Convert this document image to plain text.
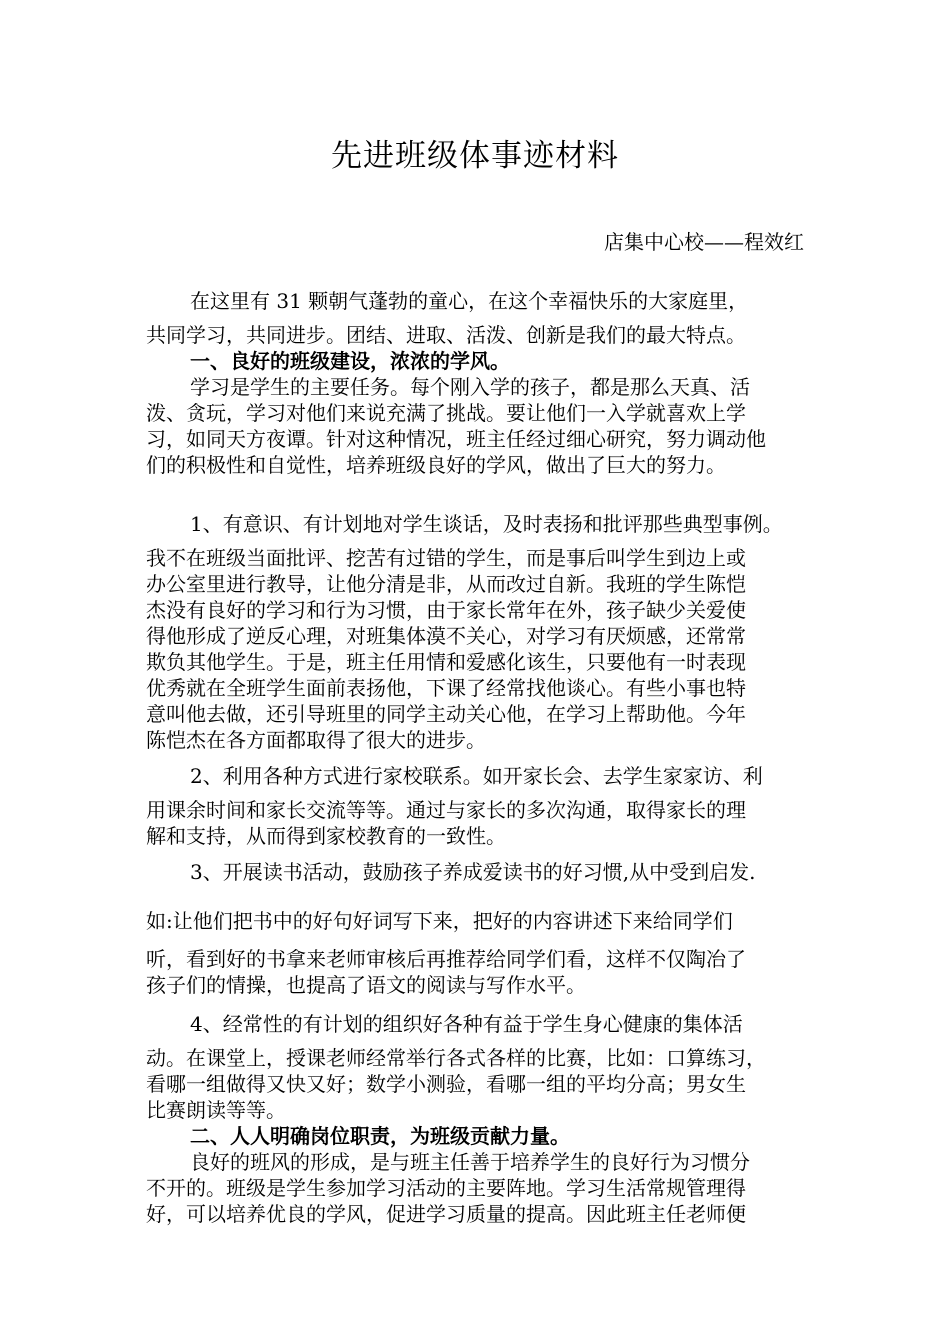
先进班级体事迹材料
店集中心校——程效红

在这里有 31 颗朝气蓬勃的童心，在这个幸福快乐的大家庭里，

共同学习，共同进步。团结、进取、活泼、创新是我们的最大特点。

一、良好的班级建设，浓浓的学风。

学习是学生的主要任务。每个刚入学的孩子，都是那么天真、活

泼、贪玩，学习对他们来说充满了挑战。要让他们一入学就喜欢上学

习，如同天方夜谭。针对这种情况，班主任经过细心研究，努力调动他

们的积极性和自觉性，培养班级良好的学风，做出了巨大的努力。

1、有意识、有计划地对学生谈话，及时表扬和批评那些典型事例。

我不在班级当面批评、挖苦有过错的学生，而是事后叫学生到边上或

办公室里进行教导，让他分清是非，从而改过自新。我班的学生陈恺

杰没有良好的学习和行为习惯，由于家长常年在外，孩子缺少关爱使

得他形成了逆反心理，对班集体漠不关心，对学习有厌烦感，还常常

欺负其他学生。于是，班主任用情和爱感化该生，只要他有一时表现

优秀就在全班学生面前表扬他，下课了经常找他谈心。有些小事也特

意叫他去做，还引导班里的同学主动关心他，在学习上帮助他。今年

陈恺杰在各方面都取得了很大的进步。

2、利用各种方式进行家校联系。如开家长会、去学生家家访、利

用课余时间和家长交流等等。通过与家长的多次沟通，取得家长的理

解和支持，从而得到家校教育的一致性。

3、开展读书活动，鼓励孩子养成爱读书的好习惯,从中受到启发.

如:让他们把书中的好句好词写下来，把好的内容讲述下来给同学们

听，看到好的书拿来老师审核后再推荐给同学们看，这样不仅陶冶了

孩子们的情操，也提高了语文的阅读与写作水平。

4、经常性的有计划的组织好各种有益于学生身心健康的集体活

动。在课堂上，授课老师经常举行各式各样的比赛，比如：口算练习，

看哪一组做得又快又好；数学小测验，看哪一组的平均分高；男女生

比赛朗读等等。

二、人人明确岗位职责，为班级贡献力量。

良好的班风的形成，是与班主任善于培养学生的良好行为习惯分

不开的。班级是学生参加学习活动的主要阵地。学习生活常规管理得

好，可以培养优良的学风，促进学习质量的提高。因此班主任老师便
